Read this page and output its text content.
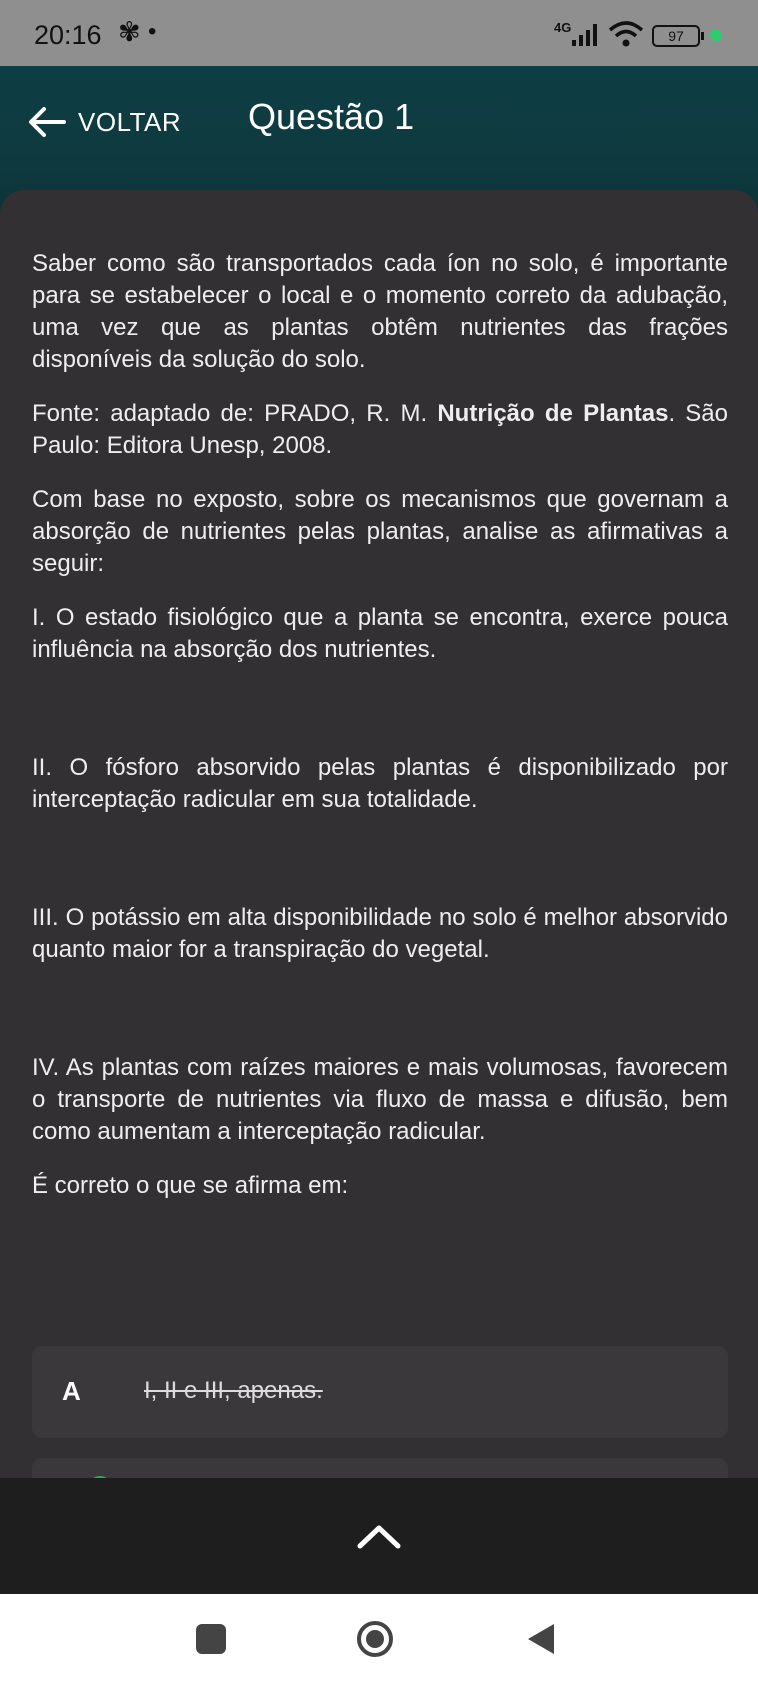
20:16 ✾ •	4G
97
VOLTAR Questão 1

Saber como são transportados cada íon no solo, é importante para se estabelecer o local e o momento correto da adubação, uma vez que as plantas obtêm nutrientes das frações disponíveis da solução do solo.

Fonte: adaptado de: PRADO, R. M. Nutrição de Plantas. São Paulo: Editora Unesp, 2008.

Com base no exposto, sobre os mecanismos que governam a absorção de nutrientes pelas plantas, analise as afirmativas a seguir:

I. O estado fisiológico que a planta se encontra, exerce pouca influência na absorção dos nutrientes.

II. O fósforo absorvido pelas plantas é disponibilizado por interceptação radicular em sua totalidade.

III. O potássio em alta disponibilidade no solo é melhor absorvido quanto maior for a transpiração do vegetal.

IV. As plantas com raízes maiores e mais volumosas, favorecem o transporte de nutrientes via fluxo de massa e difusão, bem como aumentam a interceptação radicular.

É correto o que se afirma em:

A	I, II e III, apenas.
